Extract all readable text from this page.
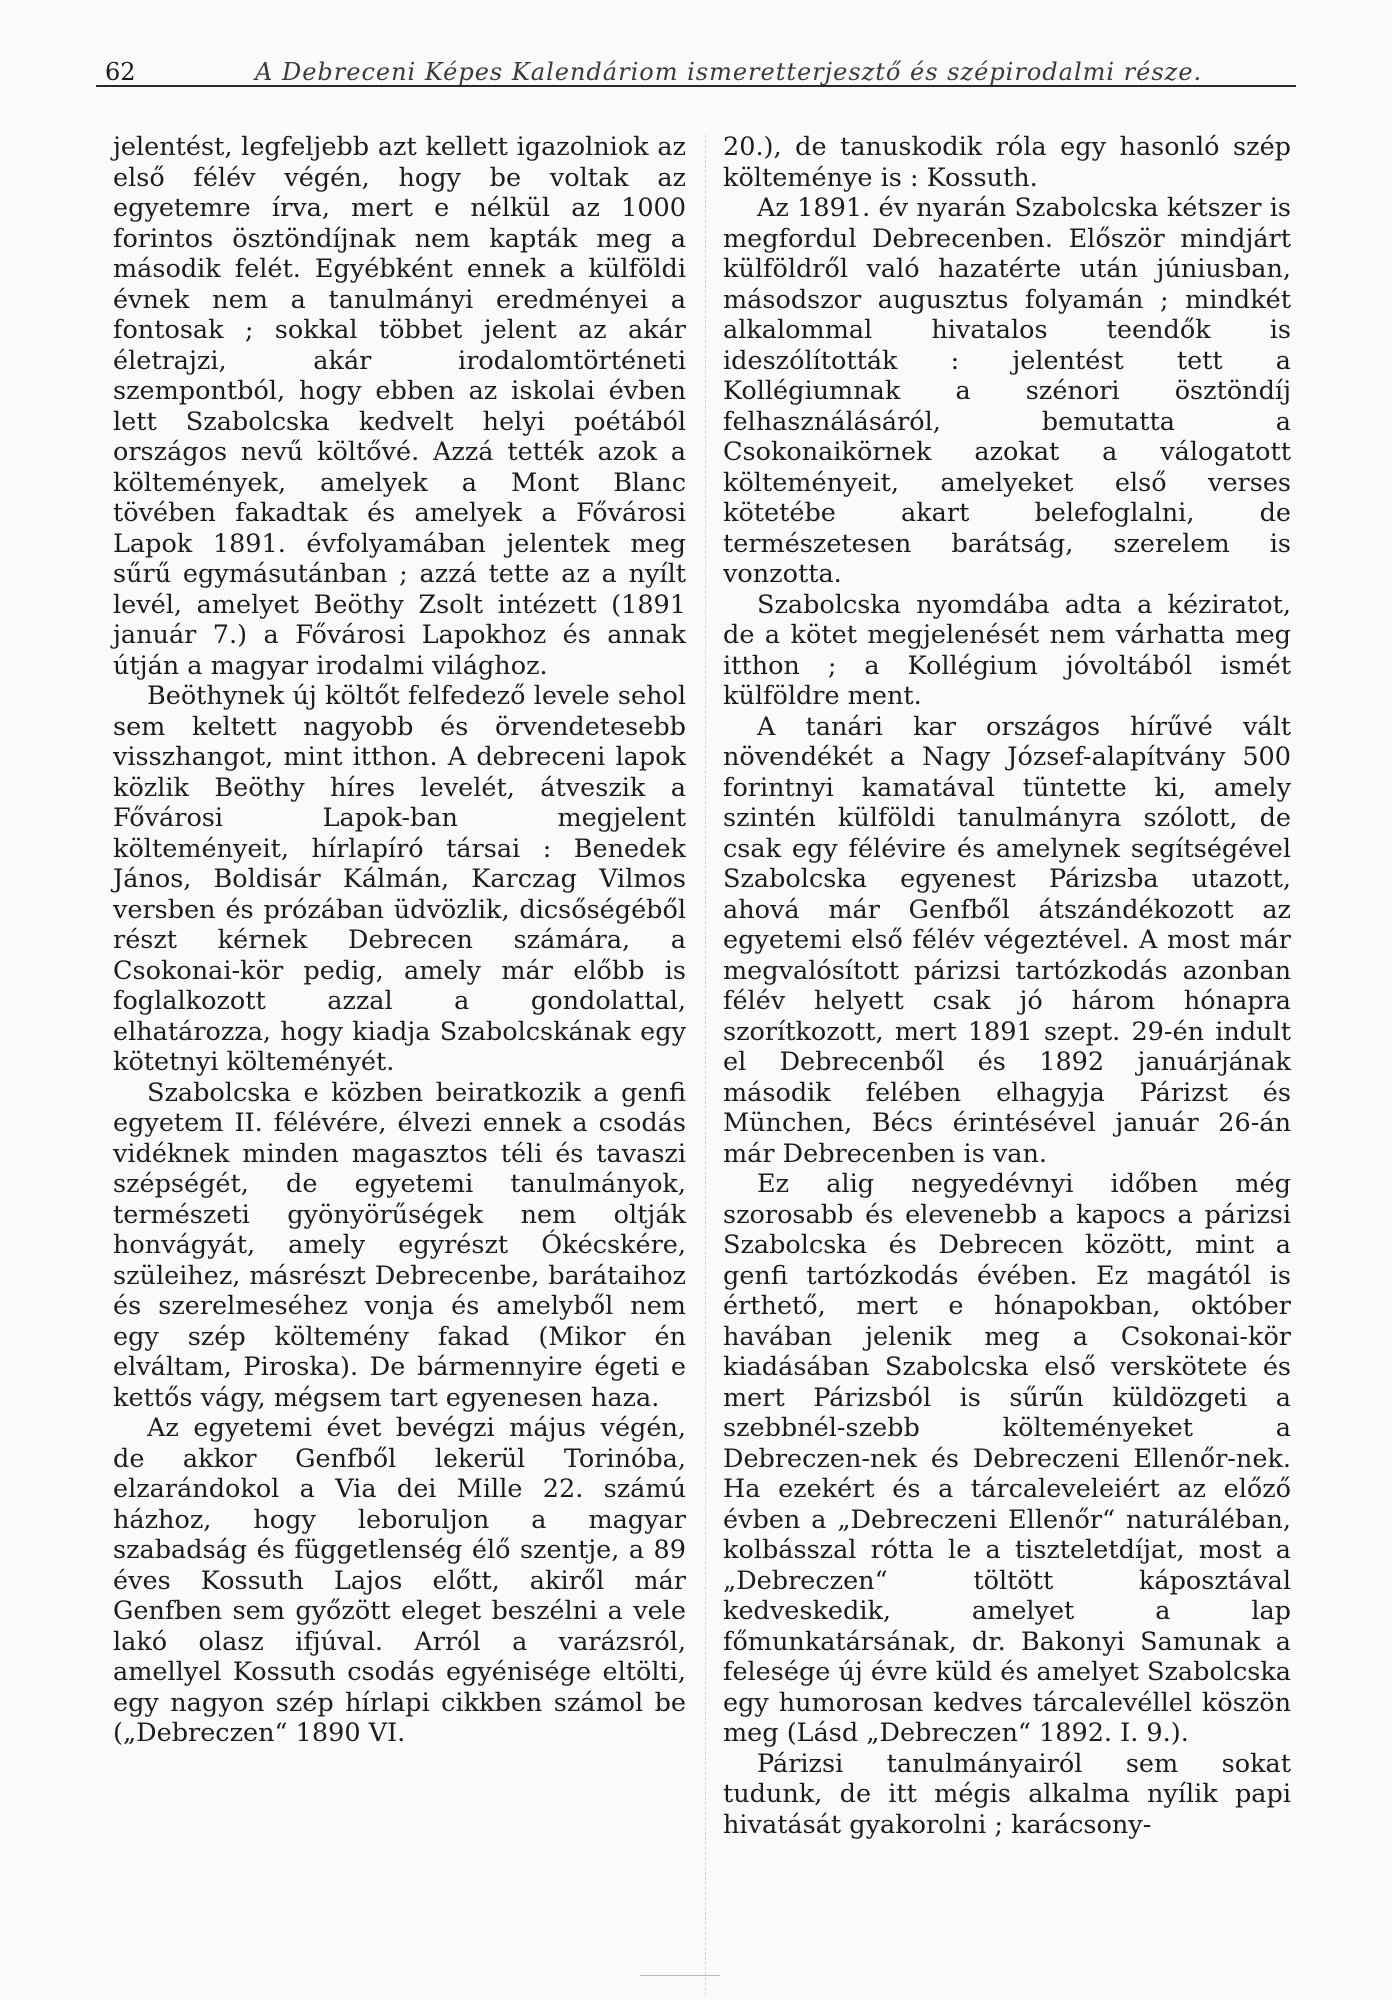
62	A Debreceni Képes Kalendáriom ismeretterjesztő és szépirodalmi része.

jelentést, legfeljebb azt kellett igazolniok az első félév végén, hogy be voltak az egyetemre írva, mert e nélkül az 1000 forintos ösztöndíjnak nem kapták meg a második felét. Egyébként ennek a külföldi évnek nem a tanulmányi eredményei a fontosak ; sokkal többet jelent az akár életrajzi, akár irodalomtörténeti szempontból, hogy ebben az iskolai évben lett Szabolcska kedvelt helyi poétából országos nevű költővé. Azzá tették azok a költemények, amelyek a Mont Blanc tövében fakadtak és amelyek a Fővárosi Lapok 1891. évfolyamában jelentek meg sűrű egymásutánban ; azzá tette az a nyílt levél, amelyet Beöthy Zsolt intézett (1891 január 7.) a Fővárosi Lapokhoz és annak útján a magyar irodalmi világhoz.

Beöthynek új költőt felfedező levele sehol sem keltett nagyobb és örvendetesebb visszhangot, mint itthon. A debreceni lapok közlik Beöthy híres levelét, átveszik a Fővárosi Lapok-ban megjelent költeményeit, hírlapíró társai : Benedek János, Boldisár Kálmán, Karczag Vilmos versben és prózában üdvözlik, dicsőségéből részt kérnek Debrecen számára, a Csokonai-kör pedig, amely már előbb is foglalkozott azzal a gondolattal, elhatározza, hogy kiadja Szabolcskának egy kötetnyi költeményét.

Szabolcska e közben beiratkozik a genfi egyetem II. félévére, élvezi ennek a csodás vidéknek minden magasztos téli és tavaszi szépségét, de egyetemi tanulmányok, természeti gyönyörűségek nem oltják honvágyát, amely egyrészt Ókécskére, szüleihez, másrészt Debrecenbe, barátaihoz és szerelmeséhez vonja és amelyből nem egy szép költemény fakad (Mikor én elváltam, Piroska). De bármennyire égeti e kettős vágy, mégsem tart egyenesen haza.

Az egyetemi évet bevégzi május végén, de akkor Genfből lekerül Torinóba, elzarándokol a Via dei Mille 22. számú házhoz, hogy leboruljon a magyar szabadság és függetlenség élő szentje, a 89 éves Kossuth Lajos előtt, akiről már Genfben sem győzött eleget beszélni a vele lakó olasz ifjúval. Arról a varázsról, amellyel Kossuth csodás egyénisége eltölti, egy nagyon szép hírlapi cikkben számol be („Debreczen“ 1890 VI.

20.), de tanuskodik róla egy hasonló szép költeménye is : Kossuth.

Az 1891. év nyarán Szabolcska kétszer is megfordul Debrecenben. Először mindjárt külföldről való hazatérte után júniusban, másodszor augusztus folyamán ; mindkét alkalommal hivatalos teendők is ideszólították : jelentést tett a Kollégiumnak a szénori ösztöndíj felhasználásáról, bemutatta a Csokonaikörnek azokat a válogatott költeményeit, amelyeket első verses kötetébe akart belefoglalni, de természetesen barátság, szerelem is vonzotta.

Szabolcska nyomdába adta a kéziratot, de a kötet megjelenését nem várhatta meg itthon ; a Kollégium jóvoltából ismét külföldre ment.

A tanári kar országos hírűvé vált növendékét a Nagy József-alapítvány 500 forintnyi kamatával tüntette ki, amely szintén külföldi tanulmányra szólott, de csak egy félévire és amelynek segítségével Szabolcska egyenest Párizsba utazott, ahová már Genfből átszándékozott az egyetemi első félév végeztével. A most már megvalósított párizsi tartózkodás azonban félév helyett csak jó három hónapra szorítkozott, mert 1891 szept. 29-én indult el Debrecenből és 1892 januárjának második felében elhagyja Párizst és München, Bécs érintésével január 26-án már Debrecenben is van.

Ez alig negyedévnyi időben még szorosabb és elevenebb a kapocs a párizsi Szabolcska és Debrecen között, mint a genfi tartózkodás évében. Ez magától is érthető, mert e hónapokban, október havában jelenik meg a Csokonai-kör kiadásában Szabolcska első verskötete és mert Párizsból is sűrűn küldözgeti a szebbnél-szebb költeményeket a Debreczen-nek és Debreczeni Ellenőr-nek. Ha ezekért és a tárcaleveleiért az előző évben a „Debreczeni Ellenőr“ naturáléban, kolbásszal róttа le a tiszteletdíjat, most a „Debreczen“ töltött káposztával kedveskedik, amelyet a lap főmunkatársának, dr. Bakonyi Samunak a felesége új évre küld és amelyet Szabolcska egy humorosan kedves tárcalevéllel köszön meg (Lásd „Debreczen“ 1892. I. 9.).

Párizsi tanulmányairól sem sokat tudunk, de itt mégis alkalma nyílik papi hivatását gyakorolni ; karácsony-
